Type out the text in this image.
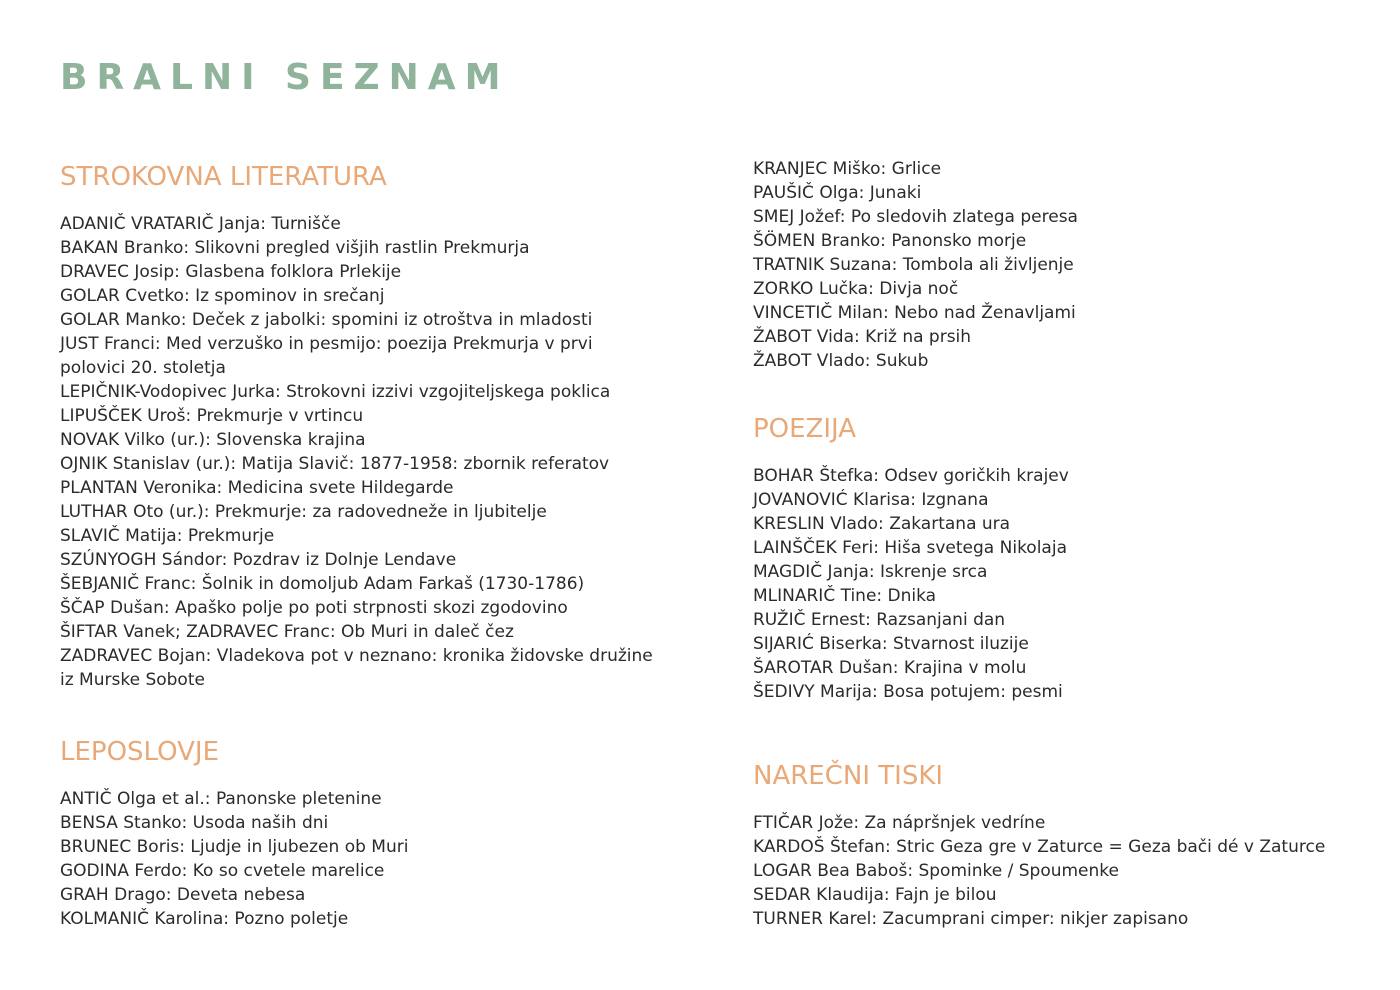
BRALNI SEZNAM
STROKOVNA LITERATURA
ADANIČ VRATARIČ Janja: Turnišče
BAKAN Branko: Slikovni pregled višjih rastlin Prekmurja
DRAVEC Josip: Glasbena folklora Prlekije
GOLAR Cvetko: Iz spominov in srečanj
GOLAR Manko: Deček z jabolki: spomini iz otroštva in mladosti
JUST Franci: Med verzuško in pesmijo: poezija Prekmurja v prvi polovici 20. stoletja
LEPIČNIK-Vodopivec Jurka: Strokovni izzivi vzgojiteljskega poklica
LIPUŠČEK Uroš: Prekmurje v vrtincu
NOVAK Vilko (ur.): Slovenska krajina
OJNIK Stanislav (ur.): Matija Slavič: 1877-1958: zbornik referatov
PLANTAN Veronika: Medicina svete Hildegarde
LUTHAR Oto (ur.): Prekmurje: za radovedneže in ljubitelje
SLAVIČ Matija: Prekmurje
SZÚNYOGH Sándor: Pozdrav iz Dolnje Lendave
ŠEBJANIČ Franc: Šolnik in domoljub Adam Farkaš (1730-1786)
ŠČAP Dušan: Apaško polje po poti strpnosti skozi zgodovino
ŠIFTAR Vanek; ZADRAVEC Franc: Ob Muri in daleč čez
ZADRAVEC Bojan: Vladekova pot v neznano: kronika židovske družine iz Murske Sobote
LEPOSLOVJE
ANTIČ Olga et al.: Panonske pletenine
BENSA Stanko: Usoda naših dni
BRUNEC Boris: Ljudje in ljubezen ob Muri
GODINA Ferdo: Ko so cvetele marelice
GRAH Drago: Deveta nebesa
KOLMANIČ Karolina: Pozno poletje
KRANJEC Miško: Grlice
PAUŠIČ Olga: Junaki
SMEJ Jožef: Po sledovih zlatega peresa
ŠÖMEN Branko: Panonsko morje
TRATNIK Suzana: Tombola ali življenje
ZORKO Lučka: Divja noč
VINCETIČ Milan: Nebo nad Ženavljami
ŽABOT Vida: Križ na prsih
ŽABOT Vlado: Sukub
POEZIJA
BOHAR Štefka: Odsev goričkih krajev
JOVANOVIĆ Klarisa: Izgnana
KRESLIN Vlado: Zakartana ura
LAINŠČEK Feri: Hiša svetega Nikolaja
MAGDIČ Janja: Iskrenje srca
MLINARIČ Tine: Dnika
RUŽIČ Ernest: Razsanjani dan
SIJARIĆ Biserka: Stvarnost iluzije
ŠAROTAR Dušan: Krajina v molu
ŠEDIVY Marija: Bosa potujem: pesmi
NAREČNI TISKI
FTIČAR Jože: Za nápršnjek vedríne
KARDOŠ Štefan: Stric Geza gre v Zaturce = Geza bači dé v Zaturce
LOGAR Bea Baboš: Spominke / Spoumenke
SEDAR Klaudija: Fajn je bilou
TURNER Karel: Zacumprani cimper: nikjer zapisano
